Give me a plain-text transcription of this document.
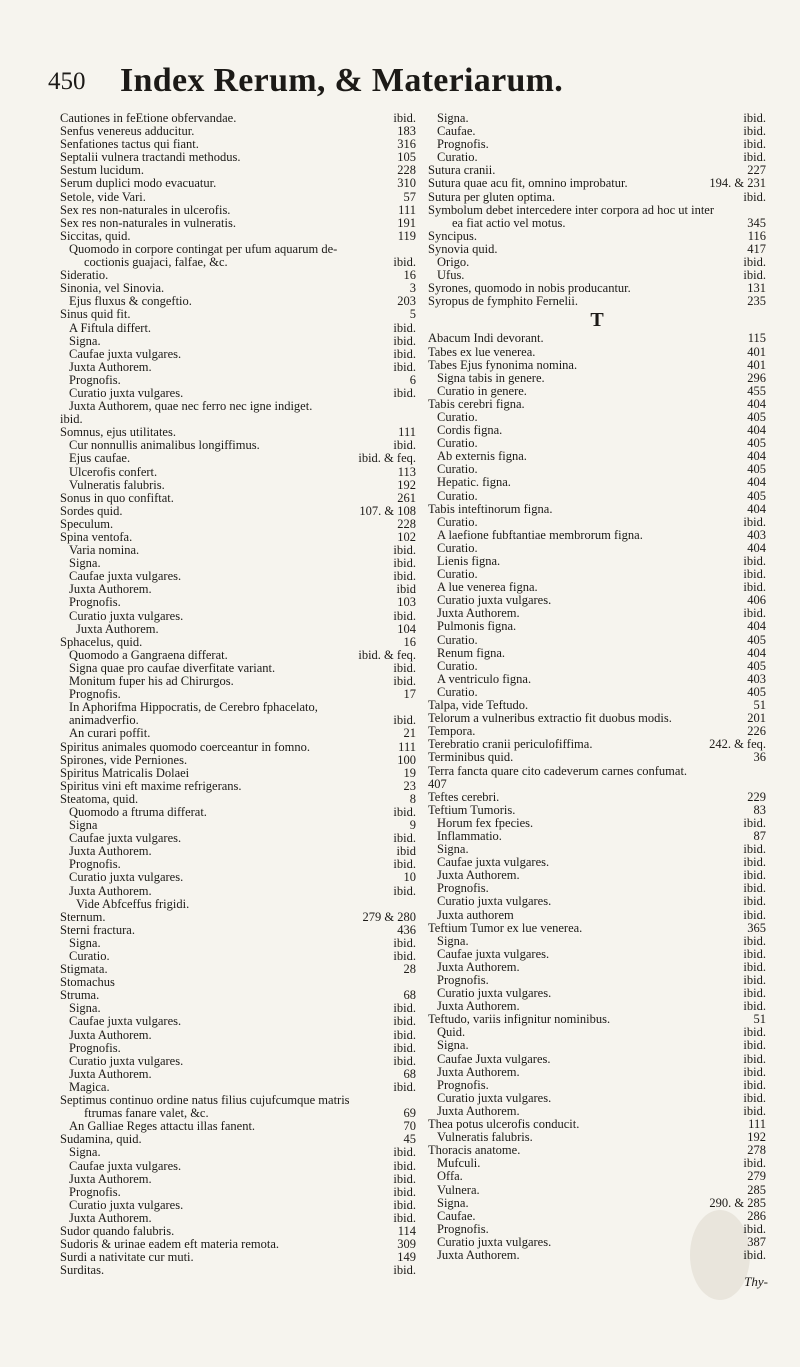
450 Index Rerum, & Materiarum.
Cautiones in feEtione obfervandae.	ibid.
Senfus venereus adducitur.	183
Senfationes tactus qui fiant.	316
Septalii vulnera tractandi methodus.	105
Sestum lucidum.	228
Serum duplici modo evacuatur.	310
Setole, vide Vari.	57
Sex res non-naturales in ulcerofis.	111
Sex res non-naturales in vulneratis.	191
Siccitas, quid.	119
Quomodo in corpore contingat per ufum aquarum de-
coctionis guajaci, falfae, &c.	ibid.
Sideratio.	16
Sinonia, vel Sinovia.	3
Ejus fluxus & congeftio.	203
Sinus quid fit.	5
A Fiftula differt.	ibid.
Signa.	ibid.
Caufae juxta vulgares.	ibid.
Juxta Authorem.	ibid.
Prognofis.	6
Curatio juxta vulgares.	ibid.
Juxta Authorem, quae nec ferro nec igne indiget.
ibid.
Somnus, ejus utilitates.	111
Cur nonnullis animalibus longiffimus.	ibid.
Ejus caufae.	ibid. & feq.
Ulcerofis confert.	113
Vulneratis falubris.	192
Sonus in quo confiftat.	261
Sordes quid.	107. & 108
Speculum.	228
Spina ventofa.	102
Varia nomina.	ibid.
Signa.	ibid.
Caufae juxta vulgares.	ibid.
Juxta Authorem.	ibid
Prognofis.	103
Curatio juxta vulgares.	ibid.
Juxta Authorem.	104
Sphacelus, quid.	16
Quomodo a Gangraena differat.	ibid. & feq.
Signa quae pro caufae diverfitate variant.	ibid.
Monitum fuper his ad Chirurgos.	ibid.
Prognofis.	17
In Aphorifma Hippocratis, de Cerebro fphacelato,
animadverfio.	ibid.
An curari poffit.	21
Spiritus animales quomodo coerceantur in fomno.	111
Spirones, vide Perniones.	100
Spiritus Matricalis Dolaei	19
Spiritus vini eft maxime refrigerans.	23
Steatoma, quid.	8
Quomodo a ftruma differat.	ibid.
Signa	9
Caufae juxta vulgares.	ibid.
Juxta Authorem.	ibid
Prognofis.	ibid.
Curatio juxta vulgares.	10
Juxta Authorem.	ibid.
Vide Abfceffus frigidi.
Sternum.	279 & 280
Sterni fractura.	436
Signa.	ibid.
Curatio.	ibid.
Stigmata.	28
Stomachus
Struma.	68
Signa.	ibid.
Caufae juxta vulgares.	ibid.
Juxta Authorem.	ibid.
Prognofis.	ibid.
Curatio juxta vulgares.	ibid.
Juxta Authorem.	68
Magica.	ibid.
Septimus continuo ordine natus filius cujufcumque matris
ftrumas fanare valet, &c.	69
An Galliae Reges attactu illas fanent.	70
Sudamina, quid.	45
Signa.	ibid.
Caufae juxta vulgares.	ibid.
Juxta Authorem.	ibid.
Prognofis.	ibid.
Curatio juxta vulgares.	ibid.
Juxta Authorem.	ibid.
Sudor quando falubris.	114
Sudoris & urinae eadem eft materia remota.	309
Surdi a nativitate cur muti.	149
Surditas.	ibid.
Signa.	ibid.
Caufae.	ibid.
Prognofis.	ibid.
Curatio.	ibid.
Sutura cranii.	227
Sutura quae acu fit, omnino improbatur.	194. & 231
Sutura per gluten optima.	ibid.
Symbolum debet intercedere inter corpora ad hoc ut inter
ea fiat actio vel motus.	345
Syncipus.	116
Synovia quid.	417
Origo.	ibid.
Ufus.	ibid.
Syrones, quomodo in nobis producantur.	131
Syropus de fymphito Fernelii.	235
T
Abacum Indi devorant.	115
Tabes ex lue venerea.	401
Tabes Ejus fynonima nomina.	401
Signa tabis in genere.	296
Curatio in genere.	455
Tabis cerebri figna.	404
Curatio.	405
Cordis figna.	404
Curatio.	405
Ab externis figna.	404
Curatio.	405
Hepatic. figna.	404
Curatio.	405
Tabis inteftinorum figna.	404
Curatio.	ibid.
A laefione fubftantiae membrorum figna.	403
Curatio.	404
Lienis figna.	ibid.
Curatio.	ibid.
A lue venerea figna.	ibid.
Curatio juxta vulgares.	406
Juxta Authorem.	ibid.
Pulmonis figna.	404
Curatio.	405
Renum figna.	404
Curatio.	405
A ventriculo figna.	403
Curatio.	405
Talpa, vide Teftudo.	51
Telorum a vulneribus extractio fit duobus modis.	201
Tempora.	226
Terebratio cranii periculofiffima.	242. & feq.
Terminibus quid.	36
Terra fancta quare cito cadeverum carnes confumat.
407
Teftes cerebri.	229
Teftium Tumoris.	83
Horum fex fpecies.	ibid.
Inflammatio.	87
Signa.	ibid.
Caufae juxta vulgares.	ibid.
Juxta Authorem.	ibid.
Prognofis.	ibid.
Curatio juxta vulgares.	ibid.
Juxta authorem	ibid.
Teftium Tumor ex lue venerea.	365
Signa.	ibid.
Caufae juxta vulgares.	ibid.
Juxta Authorem.	ibid.
Prognofis.	ibid.
Curatio juxta vulgares.	ibid.
Juxta Authorem.	ibid.
Teftudo, variis infignitur nominibus.	51
Quid.	ibid.
Signa.	ibid.
Caufae Juxta vulgares.	ibid.
Juxta Authorem.	ibid.
Prognofis.	ibid.
Curatio juxta vulgares.	ibid.
Juxta Authorem.	ibid.
Thea potus ulcerofis conducit.	111
Vulneratis falubris.	192
Thoracis anatome.	278
Mufculi.	ibid.
Offa.	279
Vulnera.	285
Signa.	290. & 285
Caufae.	286
Prognofis.	ibid.
Curatio juxta vulgares.	387
Juxta Authorem.	ibid.
Thy-
